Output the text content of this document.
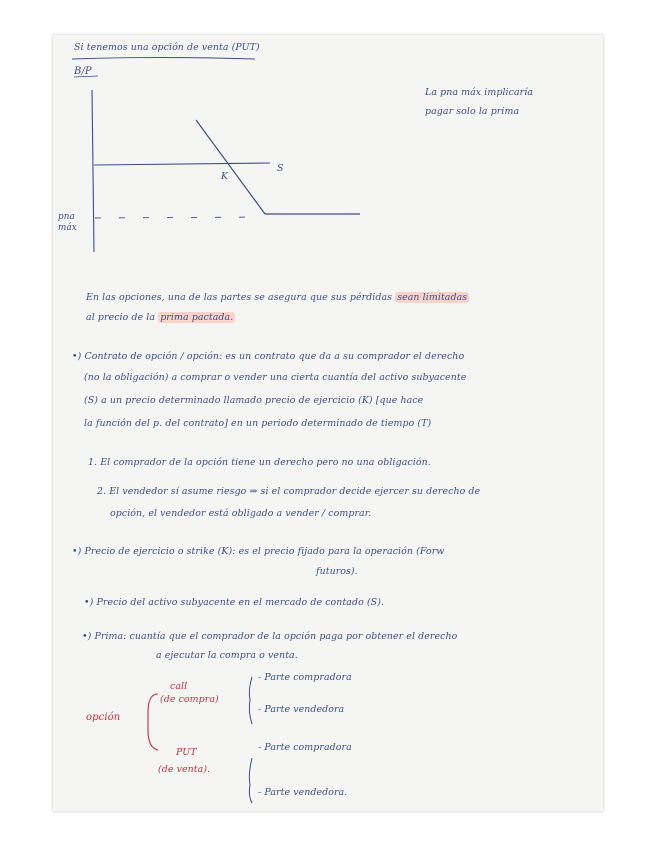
Si tenemos una opción de venta (PUT)
B/P
K
S
pna máx
La pna máx implicaría
pagar solo la prima
En las opciones, una de las partes se asegura que sus pérdidas sean limitadas
al precio de la prima pactada.
•) Contrato de opción / opción: es un contrato que da a su comprador el derecho
(no la obligación) a comprar o vender una cierta cuantía del activo subyacente
(S) a un precio determinado llamado precio de ejercicio (K) [que hace
la función del p. del contrato] en un periodo determinado de tiempo (T)
1. El comprador de la opción tiene un derecho pero no una obligación.
2. El vendedor sí asume riesgo ⇒ si el comprador decide ejercer su derecho de
opción, el vendedor está obligado a vender / comprar.
•) Precio de ejercicio o strike (K): es el precio fijado para la operación (Forw
futuros).
•) Precio del activo subyacente en el mercado de contado (S).
•) Prima: cuantía que el comprador de la opción paga por obtener el derecho
a ejecutar la compra o venta.
opción
call
(de compra)
- Parte compradora
- Parte vendedora
PUT
(de venta).
- Parte compradora
- Parte vendedora.
